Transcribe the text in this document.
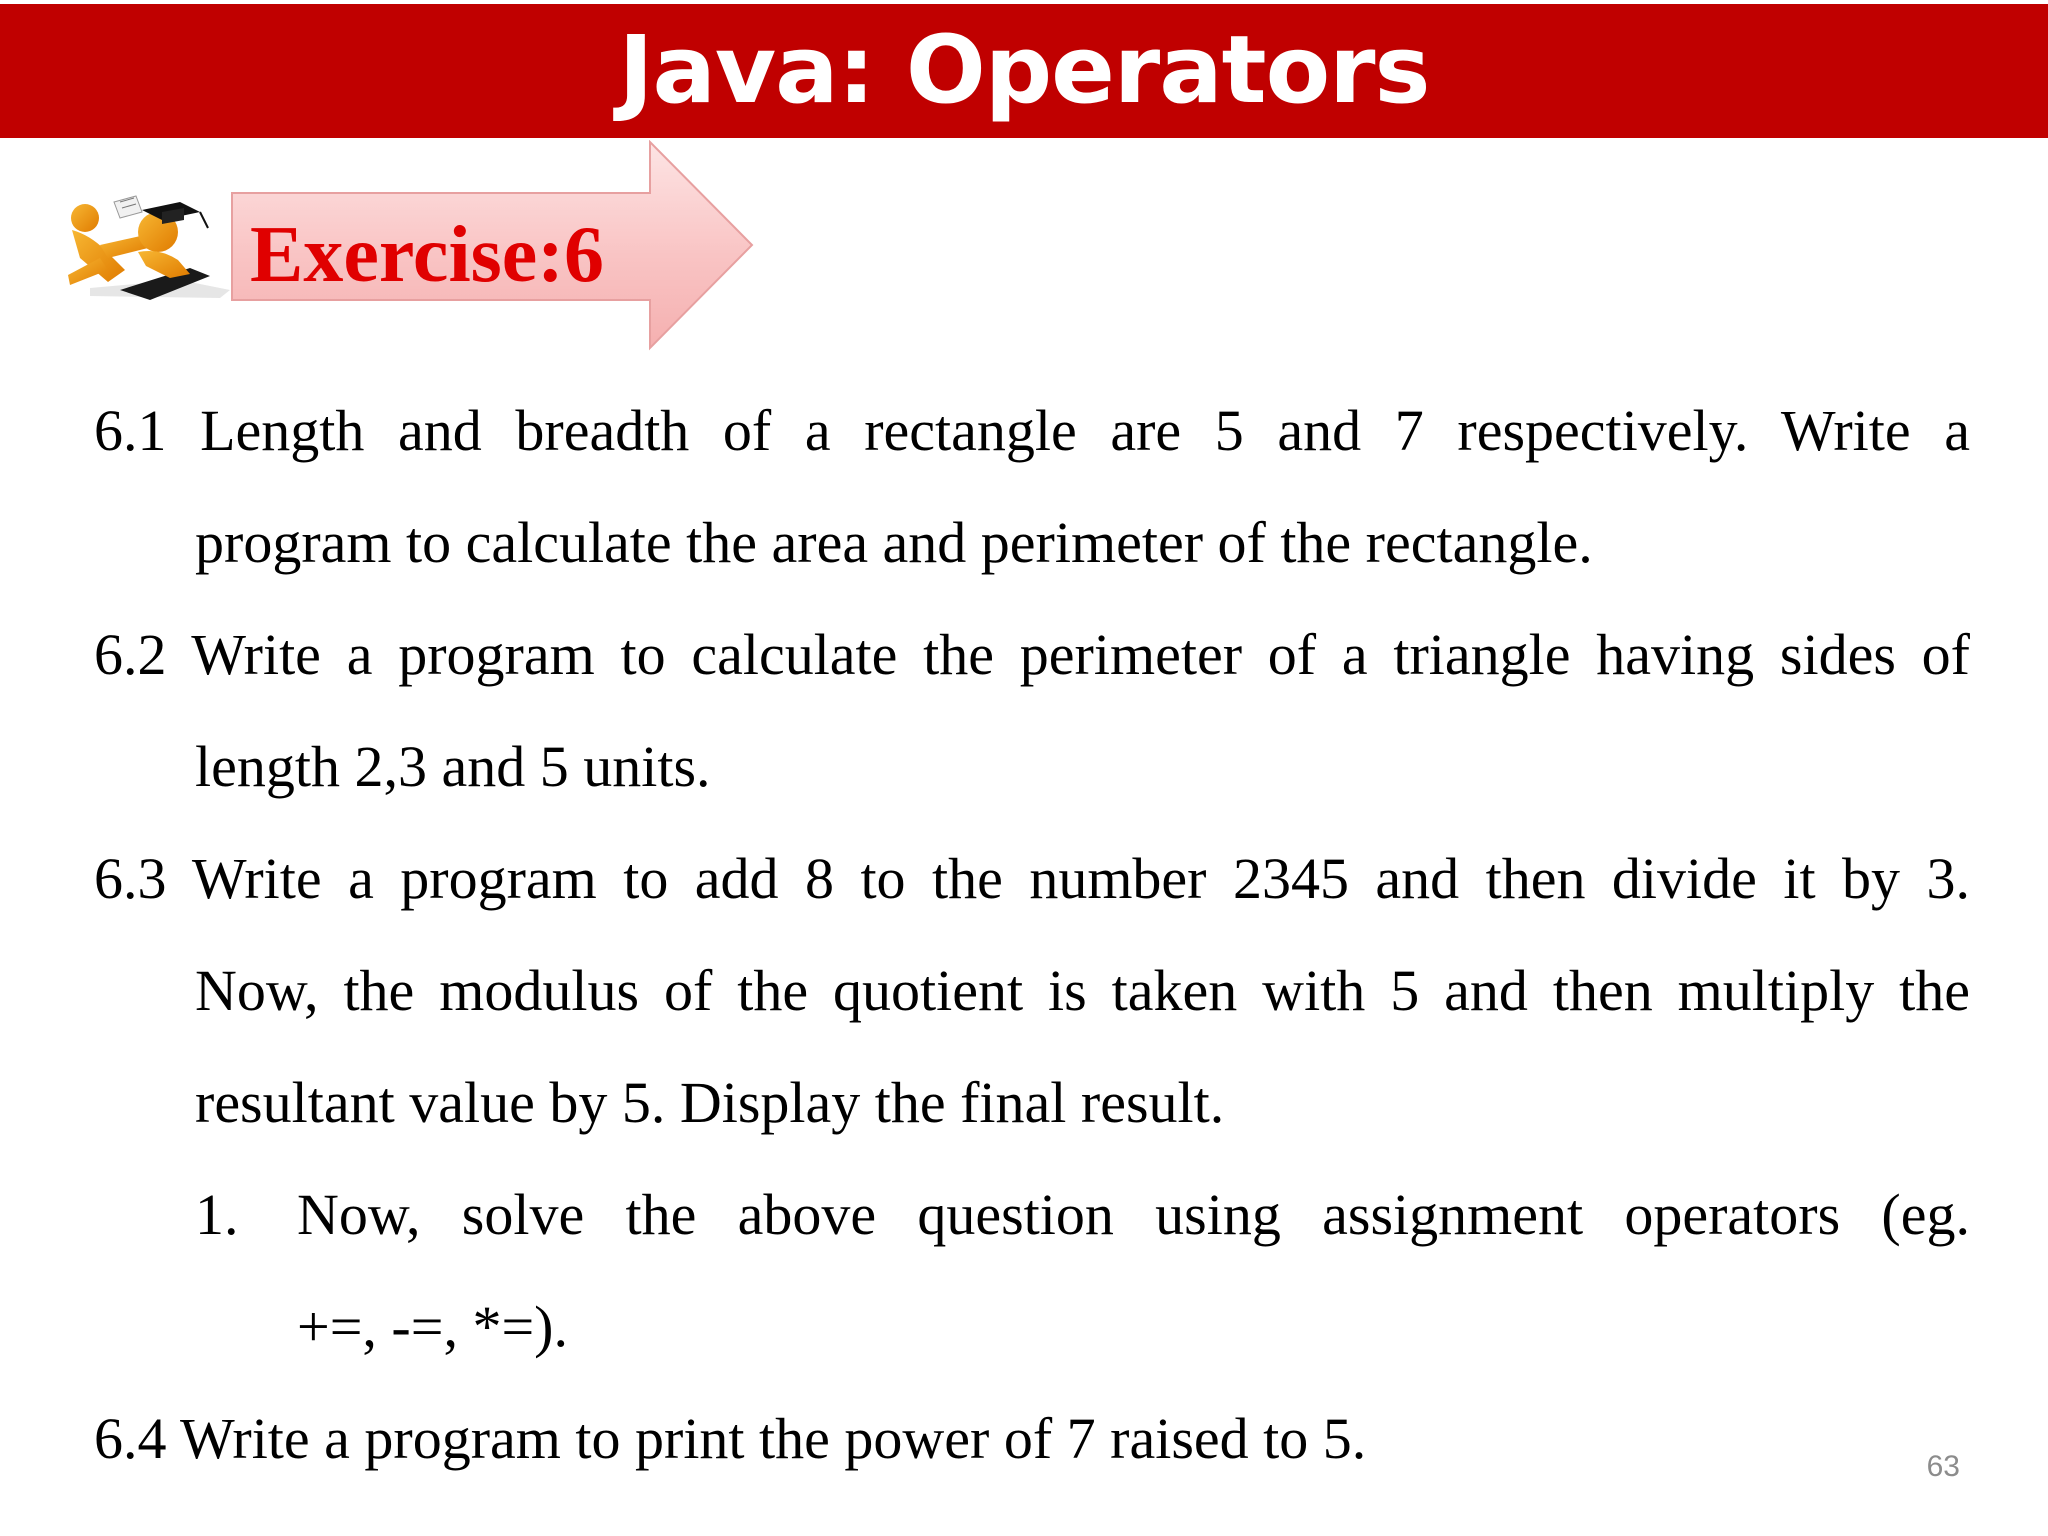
Java: Operators
Exercise:6
6.1 Length and breadth of a rectangle are 5 and 7 respectively. Write a
program to calculate the area and perimeter of the rectangle.
6.2 Write a program to calculate the perimeter of a triangle having sides of
length 2,3 and 5 units.
6.3 Write a program to add 8 to the number 2345 and then divide it by 3.
Now, the modulus of the quotient is taken with 5 and then multiply the
resultant value by 5. Display the final result.
1. Now, solve the above question using assignment operators (eg.
+=, -=, *=).
6.4 Write a program to print the power of 7 raised to 5.	63
